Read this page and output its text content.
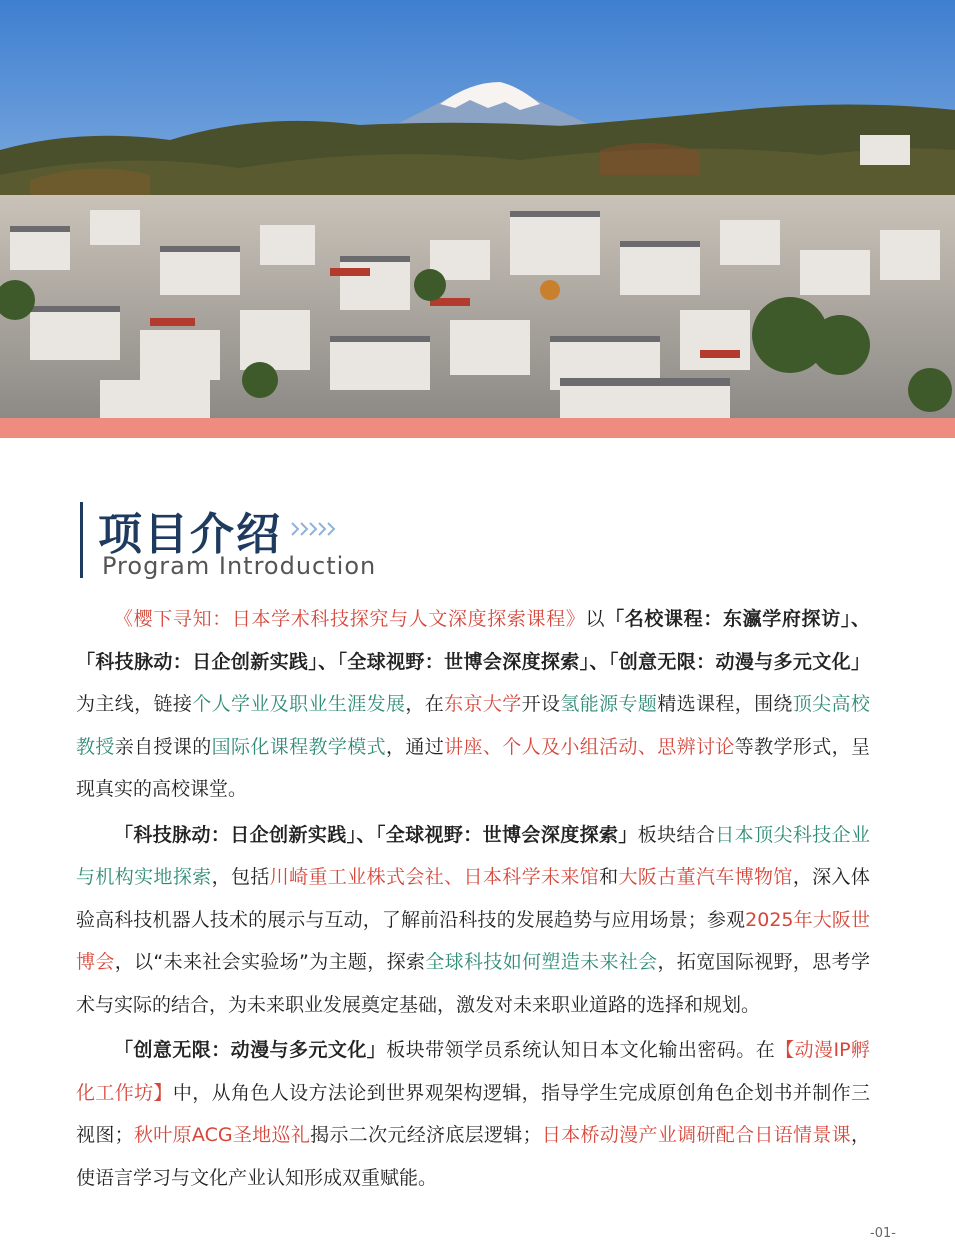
项目介绍
Program Introduction

《樱下寻知：日本学术科技探究与人文深度探索课程》以「名校课程：东瀛学府探访」、「科技脉动：日企创新实践」、「全球视野：世博会深度探索」、「创意无限：动漫与多元文化」为主线，链接个人学业及职业生涯发展，在东京大学开设氢能源专题精选课程，围绕顶尖高校教授亲自授课的国际化课程教学模式，通过讲座、个人及小组活动、思辨讨论等教学形式，呈现真实的高校课堂。

「科技脉动：日企创新实践」、「全球视野：世博会深度探索」板块结合日本顶尖科技企业与机构实地探索，包括川崎重工业株式会社、日本科学未来馆和大阪古董汽车博物馆，深入体验高科技机器人技术的展示与互动，了解前沿科技的发展趋势与应用场景；参观2025年大阪世博会，以“未来社会实验场”为主题，探索全球科技如何塑造未来社会，拓宽国际视野，思考学术与实际的结合，为未来职业发展奠定基础，激发对未来职业道路的选择和规划。

「创意无限：动漫与多元文化」板块带领学员系统认知日本文化输出密码。在【动漫IP孵化工作坊】中，从角色人设方法论到世界观架构逻辑，指导学生完成原创角色企划书并制作三视图；秋叶原ACG圣地巡礼揭示二次元经济底层逻辑；日本桥动漫产业调研配合日语情景课，使语言学习与文化产业认知形成双重赋能。

-01-
